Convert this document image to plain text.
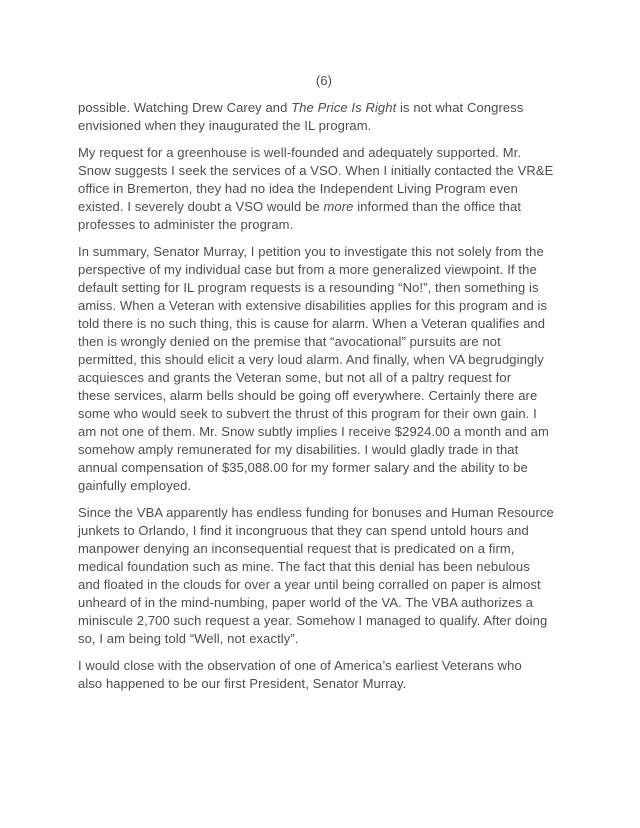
(6)
possible. Watching Drew Carey and The Price Is Right is not what Congress
envisioned when they inaugurated the IL program.
My request for a greenhouse is well-founded and adequately supported. Mr.
Snow suggests I seek the services of a VSO. When I initially contacted the VR&E
office in Bremerton, they had no idea the Independent Living Program even
existed. I severely doubt a VSO would be more informed than the office that
professes to administer the program.
In summary, Senator Murray, I petition you to investigate this not solely from the
perspective of my individual case but from a more generalized viewpoint. If the
default setting for IL program requests is a resounding “No!”, then something is
amiss. When a Veteran with extensive disabilities applies for this program and is
told there is no such thing, this is cause for alarm. When a Veteran qualifies and
then is wrongly denied on the premise that “avocational” pursuits are not
permitted, this should elicit a very loud alarm. And finally, when VA begrudgingly
acquiesces and grants the Veteran some, but not all of a paltry request for
these services, alarm bells should be going off everywhere. Certainly there are
some who would seek to subvert the thrust of this program for their own gain. I
am not one of them. Mr. Snow subtly implies I receive $2924.00 a month and am
somehow amply remunerated for my disabilities. I would gladly trade in that
annual compensation of $35,088.00 for my former salary and the ability to be
gainfully employed.
Since the VBA apparently has endless funding for bonuses and Human Resource
junkets to Orlando, I find it incongruous that they can spend untold hours and
manpower denying an inconsequential request that is predicated on a firm,
medical foundation such as mine. The fact that this denial has been nebulous
and floated in the clouds for over a year until being corralled on paper is almost
unheard of in the mind-numbing, paper world of the VA. The VBA authorizes a
miniscule 2,700 such request a year. Somehow I managed to qualify. After doing
so, I am being told “Well, not exactly”.
I would close with the observation of one of America’s earliest Veterans who
also happened to be our first President, Senator Murray.
